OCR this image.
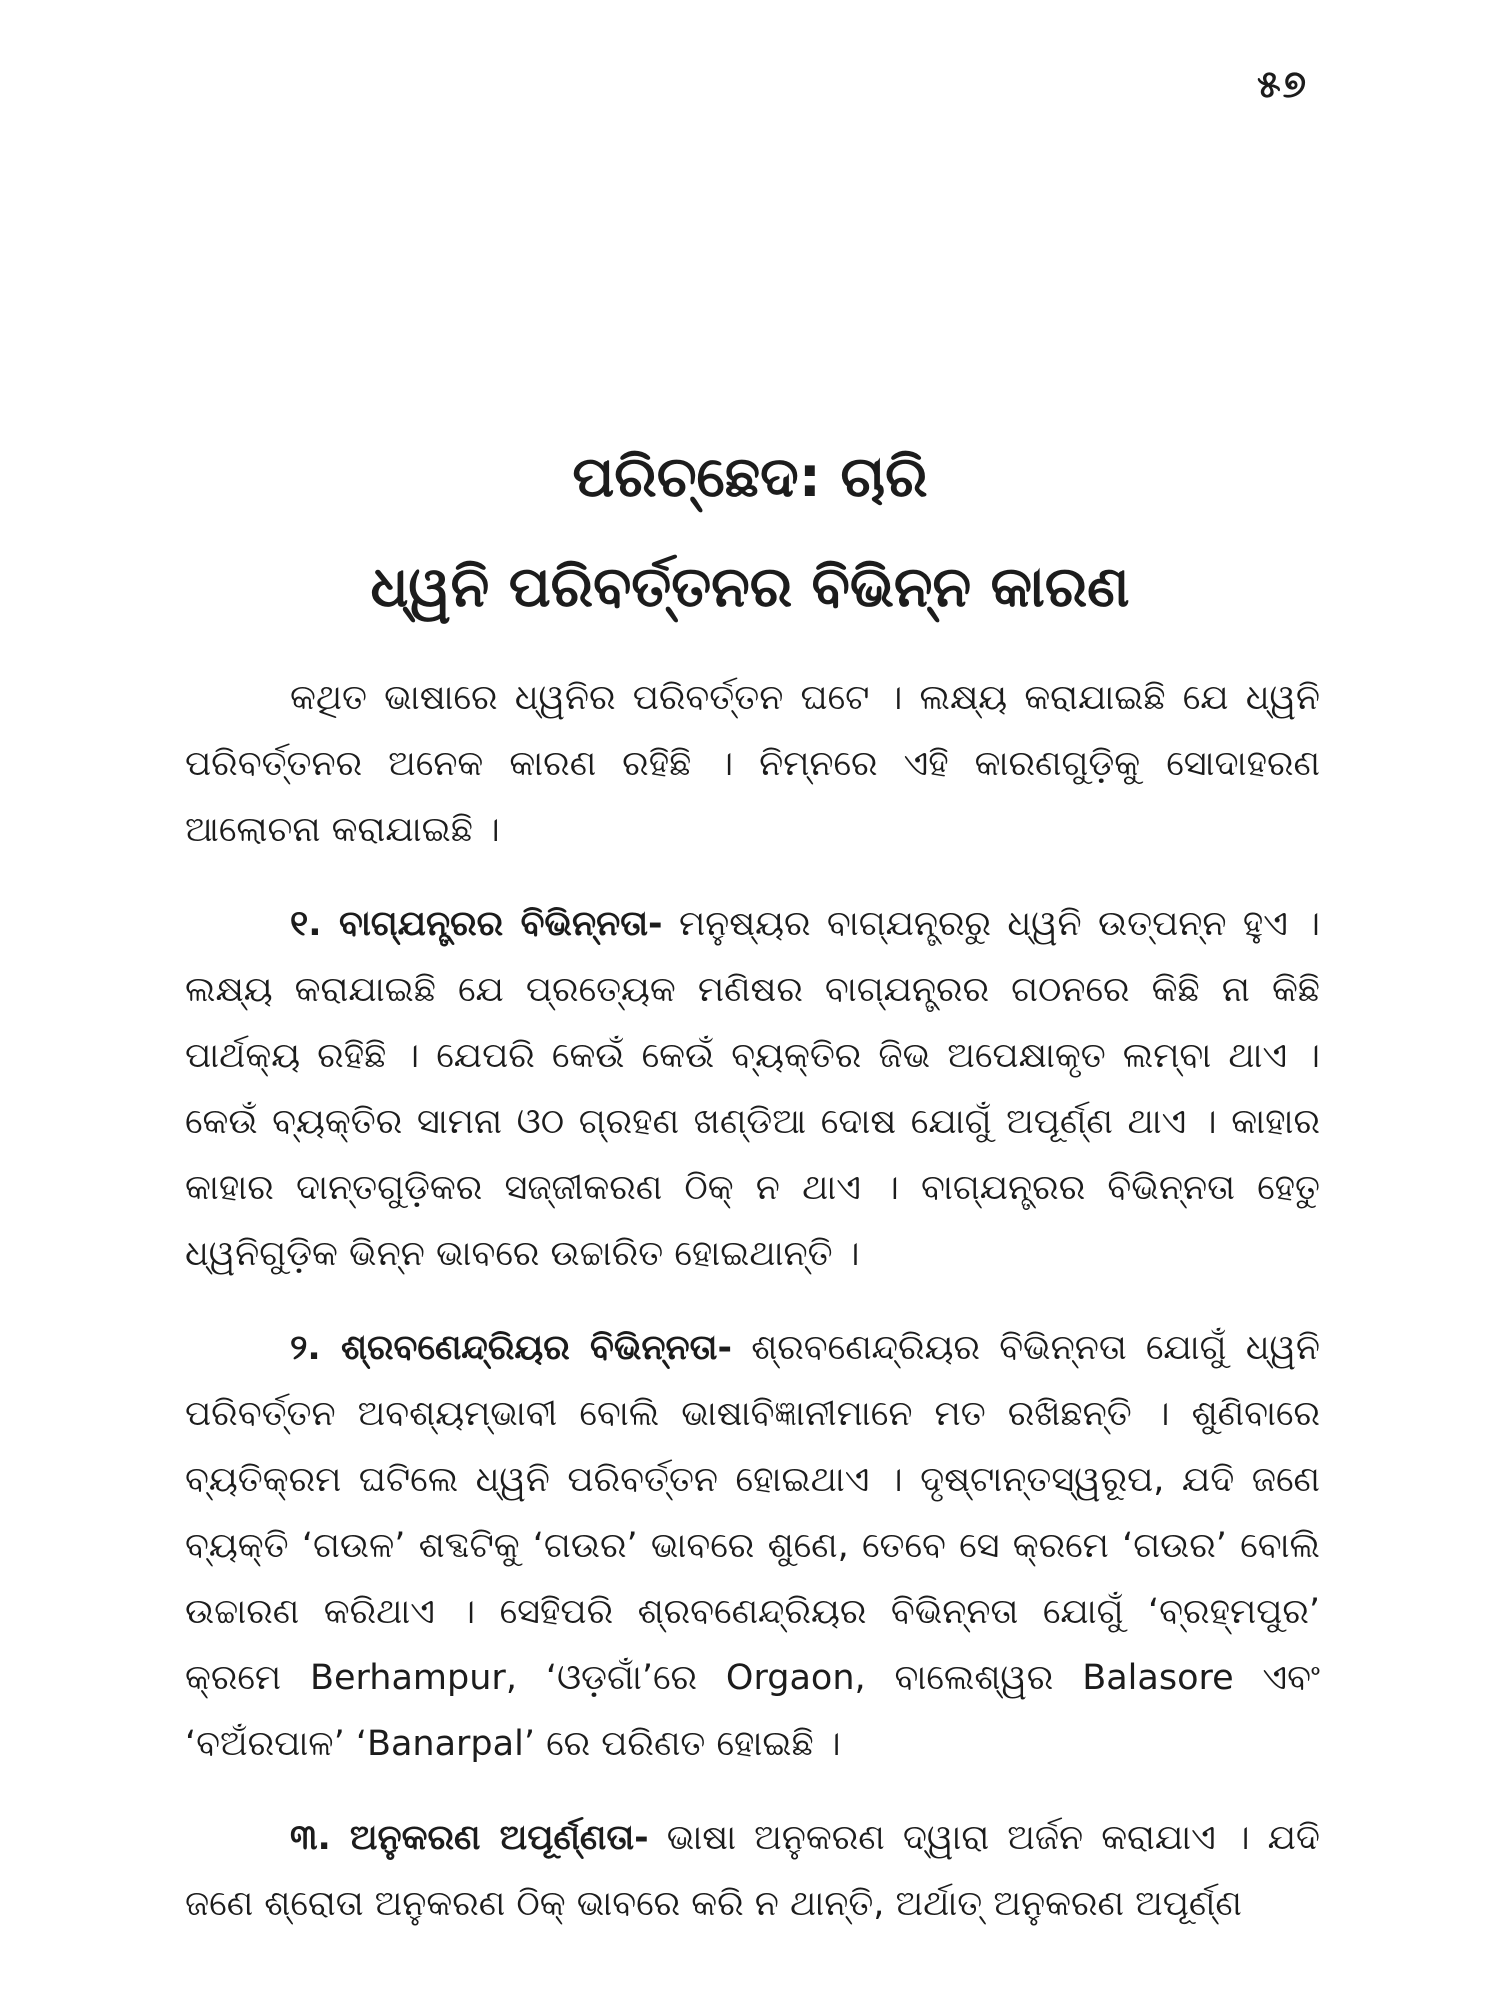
୫୭
ପରିଚ୍ଛେଦ: ଚାରି
ଧ୍ୱନି ପରିବର୍ତ୍ତନର ବିଭିନ୍ନ କାରଣ

କଥିତ ଭାଷାରେ ଧ୍ୱନିର ପରିବର୍ତ୍ତନ ଘଟେ । ଲକ୍ଷ୍ୟ କରାଯାଇଛି ଯେ ଧ୍ୱନି ପରିବର୍ତ୍ତନର ଅନେକ କାରଣ ରହିଛି । ନିମ୍ନରେ ଏହି କାରଣଗୁଡ଼ିକୁ ସୋଦାହରଣ ଆଲୋଚନା କରାଯାଇଛି ।

୧. ବାଗ୍‌ଯନ୍ତ୍ରର ବିଭିନ୍ନତା- ମନୁଷ୍ୟର ବାଗ୍‌ଯନ୍ତ୍ରରୁ ଧ୍ୱନି ଉତ୍ପନ୍ନ ହୁଏ । ଲକ୍ଷ୍ୟ କରାଯାଇଛି ଯେ ପ୍ରତ୍ୟେକ ମଣିଷର ବାଗ୍‌ଯନ୍ତ୍ରର ଗଠନରେ କିଛି ନା କିଛି ପାର୍ଥକ୍ୟ ରହିଛି । ଯେପରି କେଉଁ କେଉଁ ବ୍ୟକ୍ତିର ଜିଭ ଅପେକ୍ଷାକୃତ ଲମ୍ବା ଥାଏ । କେଉଁ ବ୍ୟକ୍ତିର ସାମନା ଓଠ ଗ୍ରହଣ ଖଣ୍ଡିଆ ଦୋଷ ଯୋଗୁଁ ଅପୂର୍ଣ୍ଣ ଥାଏ । କାହାର କାହାର ଦାନ୍ତଗୁଡ଼ିକର ସଜ୍ଜୀକରଣ ଠିକ୍ ନ ଥାଏ । ବାଗ୍‌ଯନ୍ତ୍ରର ବିଭିନ୍ନତା ହେତୁ ଧ୍ୱନିଗୁଡ଼ିକ ଭିନ୍ନ ଭାବରେ ଉଚ୍ଚାରିତ ହୋଇଥାନ୍ତି ।

୨. ଶ୍ରବଣେନ୍ଦ୍ରିୟର ବିଭିନ୍ନତା- ଶ୍ରବଣେନ୍ଦ୍ରିୟର ବିଭିନ୍ନତା ଯୋଗୁଁ ଧ୍ୱନି ପରିବର୍ତ୍ତନ ଅବଶ୍ୟମ୍ଭାବୀ ବୋଲି ଭାଷାବିଜ୍ଞାନୀମାନେ ମତ ରଖିଛନ୍ତି । ଶୁଣିବାରେ ବ୍ୟତିକ୍ରମ ଘଟିଲେ ଧ୍ୱନି ପରିବର୍ତ୍ତନ ହୋଇଥାଏ । ଦୃଷ୍ଟାନ୍ତସ୍ୱରୂପ, ଯଦି ଜଣେ ବ୍ୟକ୍ତି ‘ଗଉଳ’ ଶବ୍ଦଟିକୁ ‘ଗଉର’ ଭାବରେ ଶୁଣେ, ତେବେ ସେ କ୍ରମେ ‘ଗଉର’ ବୋଲି ଉଚ୍ଚାରଣ କରିଥାଏ । ସେହିପରି ଶ୍ରବଣେନ୍ଦ୍ରିୟର ବିଭିନ୍ନତା ଯୋଗୁଁ ‘ବ୍ରହ୍ମପୁର’ କ୍ରମେ Berhampur, ‘ଓଡ଼ଗାଁ’ରେ Orgaon, ବାଲେଶ୍ୱର Balasore ଏବଂ ‘ବଅଁରପାଳ’ ‘Banarpal’ ରେ ପରିଣତ ହୋଇଛି ।

୩. ଅନୁକରଣ ଅପୂର୍ଣ୍ଣତା- ଭାଷା ଅନୁକରଣ ଦ୍ୱାରା ଅର୍ଜନ କରାଯାଏ । ଯଦି ଜଣେ ଶ୍ରୋତା ଅନୁକରଣ ଠିକ୍ ଭାବରେ କରି ନ ଥାନ୍ତି, ଅର୍ଥାତ୍ ଅନୁକରଣ ଅପୂର୍ଣ୍ଣ
